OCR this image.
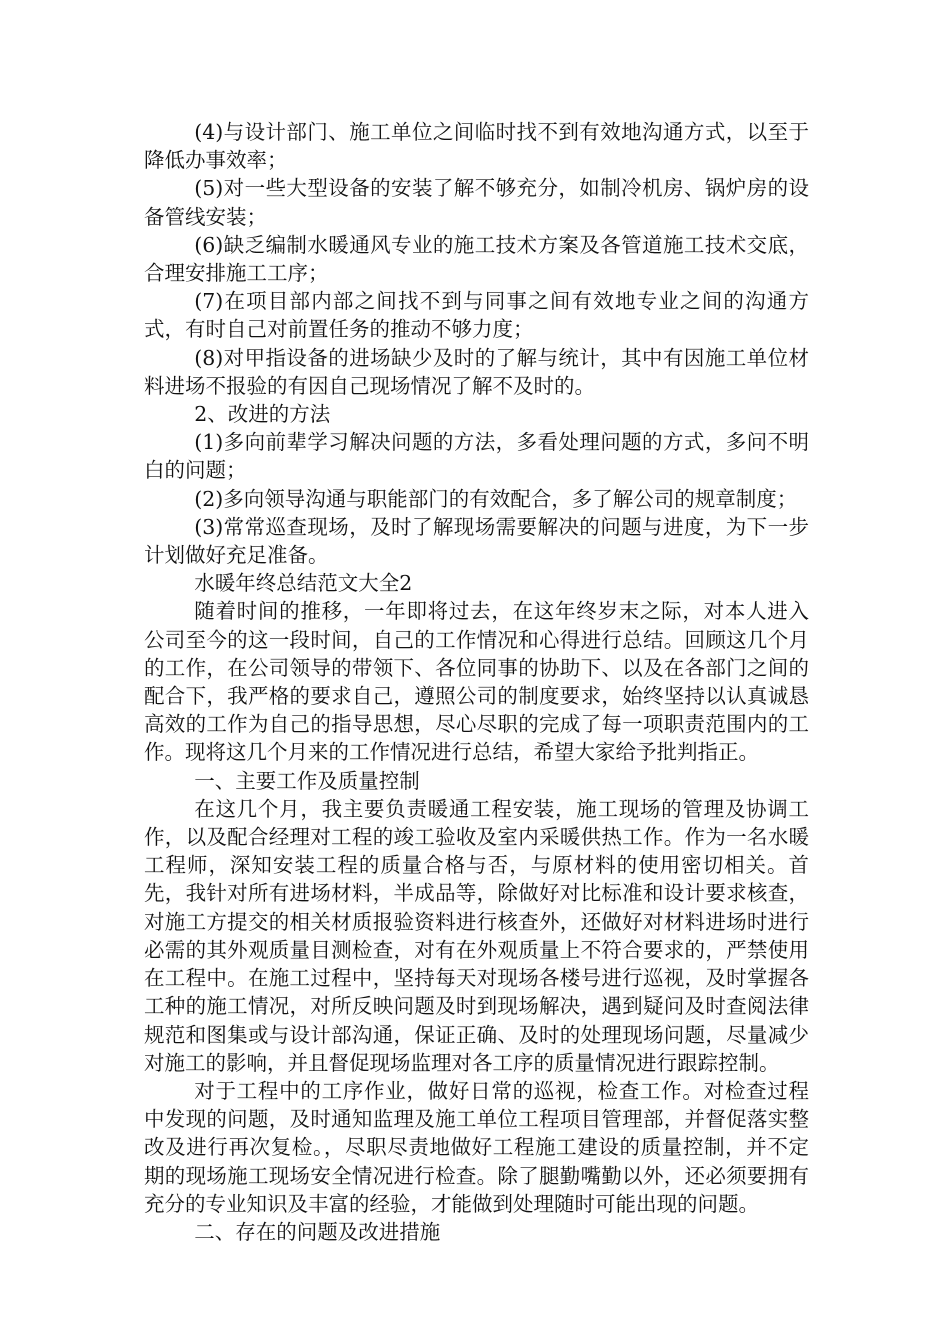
(4)与设计部门、施工单位之间临时找不到有效地沟通方式，以至于降低办事效率；

(5)对一些大型设备的安装了解不够充分，如制冷机房、锅炉房的设备管线安装；

(6)缺乏编制水暖通风专业的施工技术方案及各管道施工技术交底，合理安排施工工序；

(7)在项目部内部之间找不到与同事之间有效地专业之间的沟通方式，有时自己对前置任务的推动不够力度；

(8)对甲指设备的进场缺少及时的了解与统计，其中有因施工单位材料进场不报验的有因自己现场情况了解不及时的。

2、改进的方法

(1)多向前辈学习解决问题的方法，多看处理问题的方式，多问不明白的问题；

(2)多向领导沟通与职能部门的有效配合，多了解公司的规章制度；

(3)常常巡查现场，及时了解现场需要解决的问题与进度，为下一步计划做好充足准备。

水暖年终总结范文大全2

随着时间的推移，一年即将过去，在这年终岁末之际，对本人进入公司至今的这一段时间，自己的工作情况和心得进行总结。回顾这几个月的工作，在公司领导的带领下、各位同事的协助下、以及在各部门之间的配合下，我严格的要求自己，遵照公司的制度要求，始终坚持以认真诚恳高效的工作为自己的指导思想，尽心尽职的完成了每一项职责范围内的工作。现将这几个月来的工作情况进行总结，希望大家给予批判指正。

一、主要工作及质量控制

在这几个月，我主要负责暖通工程安装，施工现场的管理及协调工作，以及配合经理对工程的竣工验收及室内采暖供热工作。作为一名水暖工程师，深知安装工程的质量合格与否，与原材料的使用密切相关。首先，我针对所有进场材料，半成品等，除做好对比标准和设计要求核查，对施工方提交的相关材质报验资料进行核查外，还做好对材料进场时进行必需的其外观质量目测检查，对有在外观质量上不符合要求的，严禁使用在工程中。在施工过程中，坚持每天对现场各楼号进行巡视，及时掌握各工种的施工情况，对所反映问题及时到现场解决，遇到疑问及时查阅法律规范和图集或与设计部沟通，保证正确、及时的处理现场问题，尽量减少对施工的影响，并且督促现场监理对各工序的质量情况进行跟踪控制。

对于工程中的工序作业，做好日常的巡视，检查工作。对检查过程中发现的问题，及时通知监理及施工单位工程项目管理部，并督促落实整改及进行再次复检。，尽职尽责地做好工程施工建设的质量控制，并不定期的现场施工现场安全情况进行检查。除了腿勤嘴勤以外，还必须要拥有充分的专业知识及丰富的经验，才能做到处理随时可能出现的问题。

二、存在的问题及改进措施
